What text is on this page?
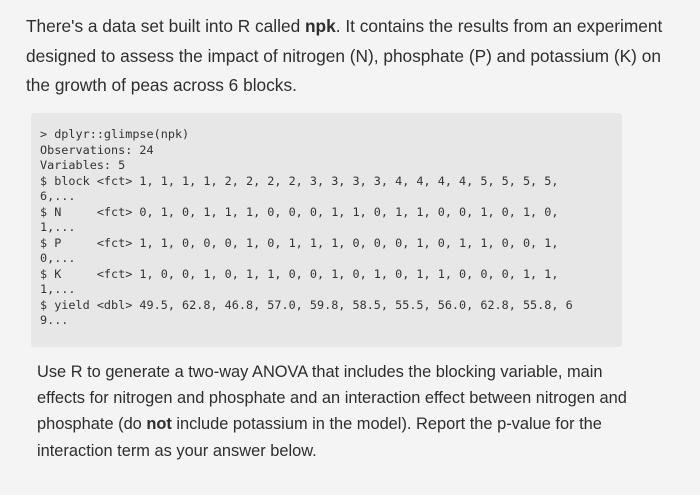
There's a data set built into R called npk. It contains the results from an experiment designed to assess the impact of nitrogen (N), phosphate (P) and potassium (K) on the growth of peas across 6 blocks.
> dplyr::glimpse(npk)
Observations: 24
Variables: 5
$ block <fct> 1, 1, 1, 1, 2, 2, 2, 2, 3, 3, 3, 3, 4, 4, 4, 4, 5, 5, 5, 5,
6,...
$ N     <fct> 0, 1, 0, 1, 1, 1, 0, 0, 0, 1, 1, 0, 1, 1, 0, 0, 1, 0, 1, 0,
1,...
$ P     <fct> 1, 1, 0, 0, 0, 1, 0, 1, 1, 1, 0, 0, 0, 1, 0, 1, 1, 0, 0, 1,
0,...
$ K     <fct> 1, 0, 0, 1, 0, 1, 1, 0, 0, 1, 0, 1, 0, 1, 1, 0, 0, 0, 1, 1,
1,...
$ yield <dbl> 49.5, 62.8, 46.8, 57.0, 59.8, 58.5, 55.5, 56.0, 62.8, 55.8, 6
9...
Use R to generate a two-way ANOVA that includes the blocking variable, main effects for nitrogen and phosphate and an interaction effect between nitrogen and phosphate (do not include potassium in the model). Report the p-value for the interaction term as your answer below.
